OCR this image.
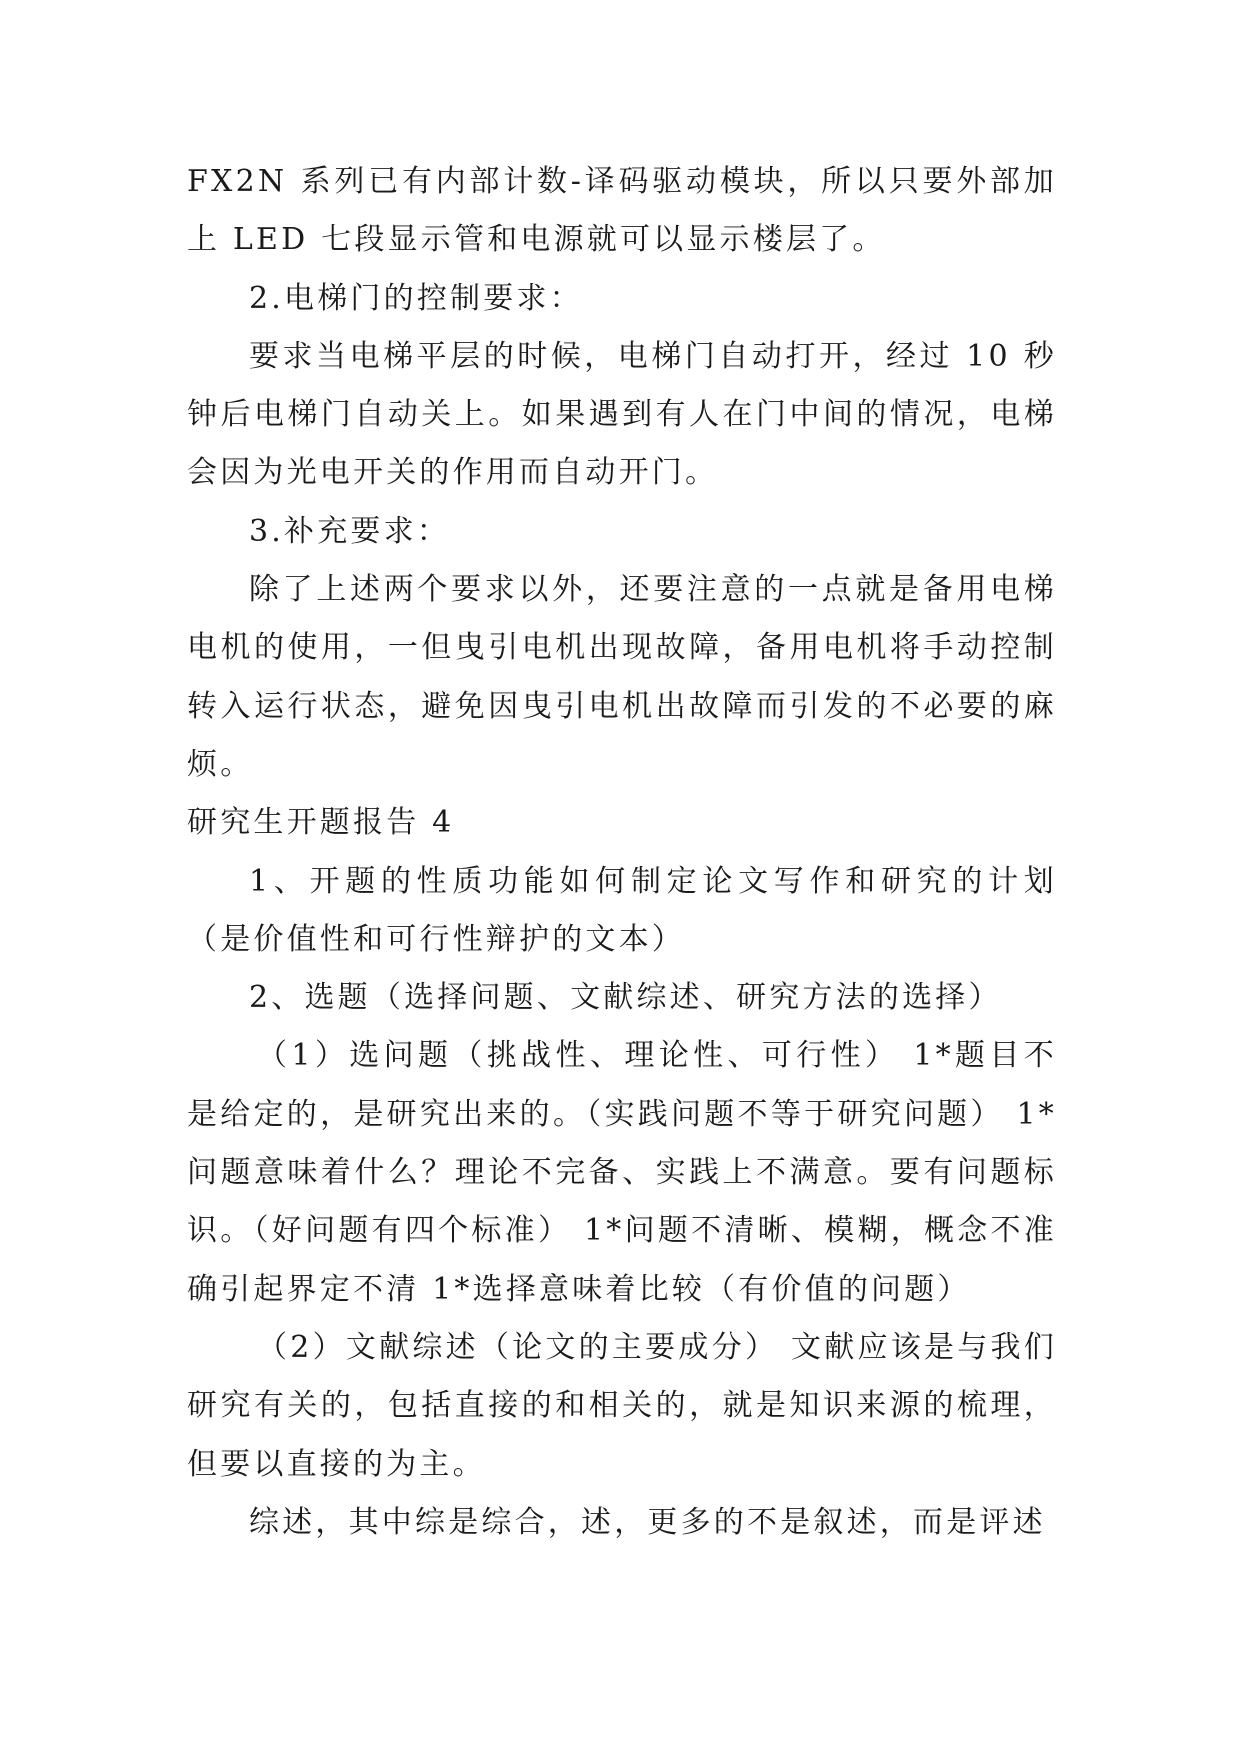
FX2N 系列已有内部计数-译码驱动模块，所以只要外部加上 LED 七段显示管和电源就可以显示楼层了。

2.电梯门的控制要求：

要求当电梯平层的时候，电梯门自动打开，经过 10 秒钟后电梯门自动关上。如果遇到有人在门中间的情况，电梯会因为光电开关的作用而自动开门。

3.补充要求：

除了上述两个要求以外，还要注意的一点就是备用电梯电机的使用，一但曳引电机出现故障，备用电机将手动控制转入运行状态，避免因曳引电机出故障而引发的不必要的麻烦。

研究生开题报告 4

1、开题的性质功能如何制定论文写作和研究的计划（是价值性和可行性辩护的文本）

2、选题（选择问题、文献综述、研究方法的选择）

（1）选问题（挑战性、理论性、可行性） 1*题目不是给定的，是研究出来的。（实践问题不等于研究问题） 1*问题意味着什么？理论不完备、实践上不满意。要有问题标识。（好问题有四个标准） 1*问题不清晰、模糊，概念不准确引起界定不清 1*选择意味着比较（有价值的问题）

（2）文献综述（论文的主要成分） 文献应该是与我们研究有关的，包括直接的和相关的，就是知识来源的梳理，但要以直接的为主。

综述，其中综是综合，述，更多的不是叙述，而是评述
